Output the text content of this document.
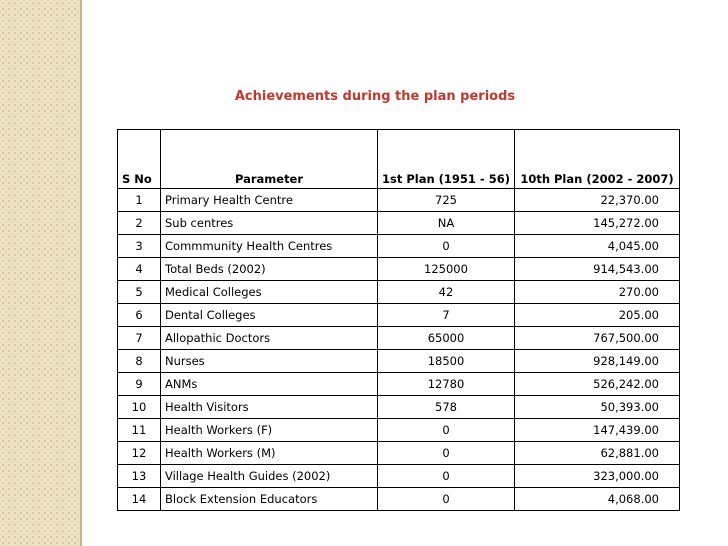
Achievements during the plan periods
S No	Parameter	1st Plan (1951 - 56)	10th Plan (2002 - 2007)
1	Primary Health Centre	725	22,370.00
2	Sub centres	NA	145,272.00
3	Commmunity Health Centres	0	4,045.00
4	Total Beds (2002)	125000	914,543.00
5	Medical Colleges	42	270.00
6	Dental Colleges	7	205.00
7	Allopathic Doctors	65000	767,500.00
8	Nurses	18500	928,149.00
9	ANMs	12780	526,242.00
10	Health Visitors	578	50,393.00
11	Health Workers (F)	0	147,439.00
12	Health Workers (M)	0	62,881.00
13	Village Health Guides (2002)	0	323,000.00
14	Block Extension Educators	0	4,068.00
